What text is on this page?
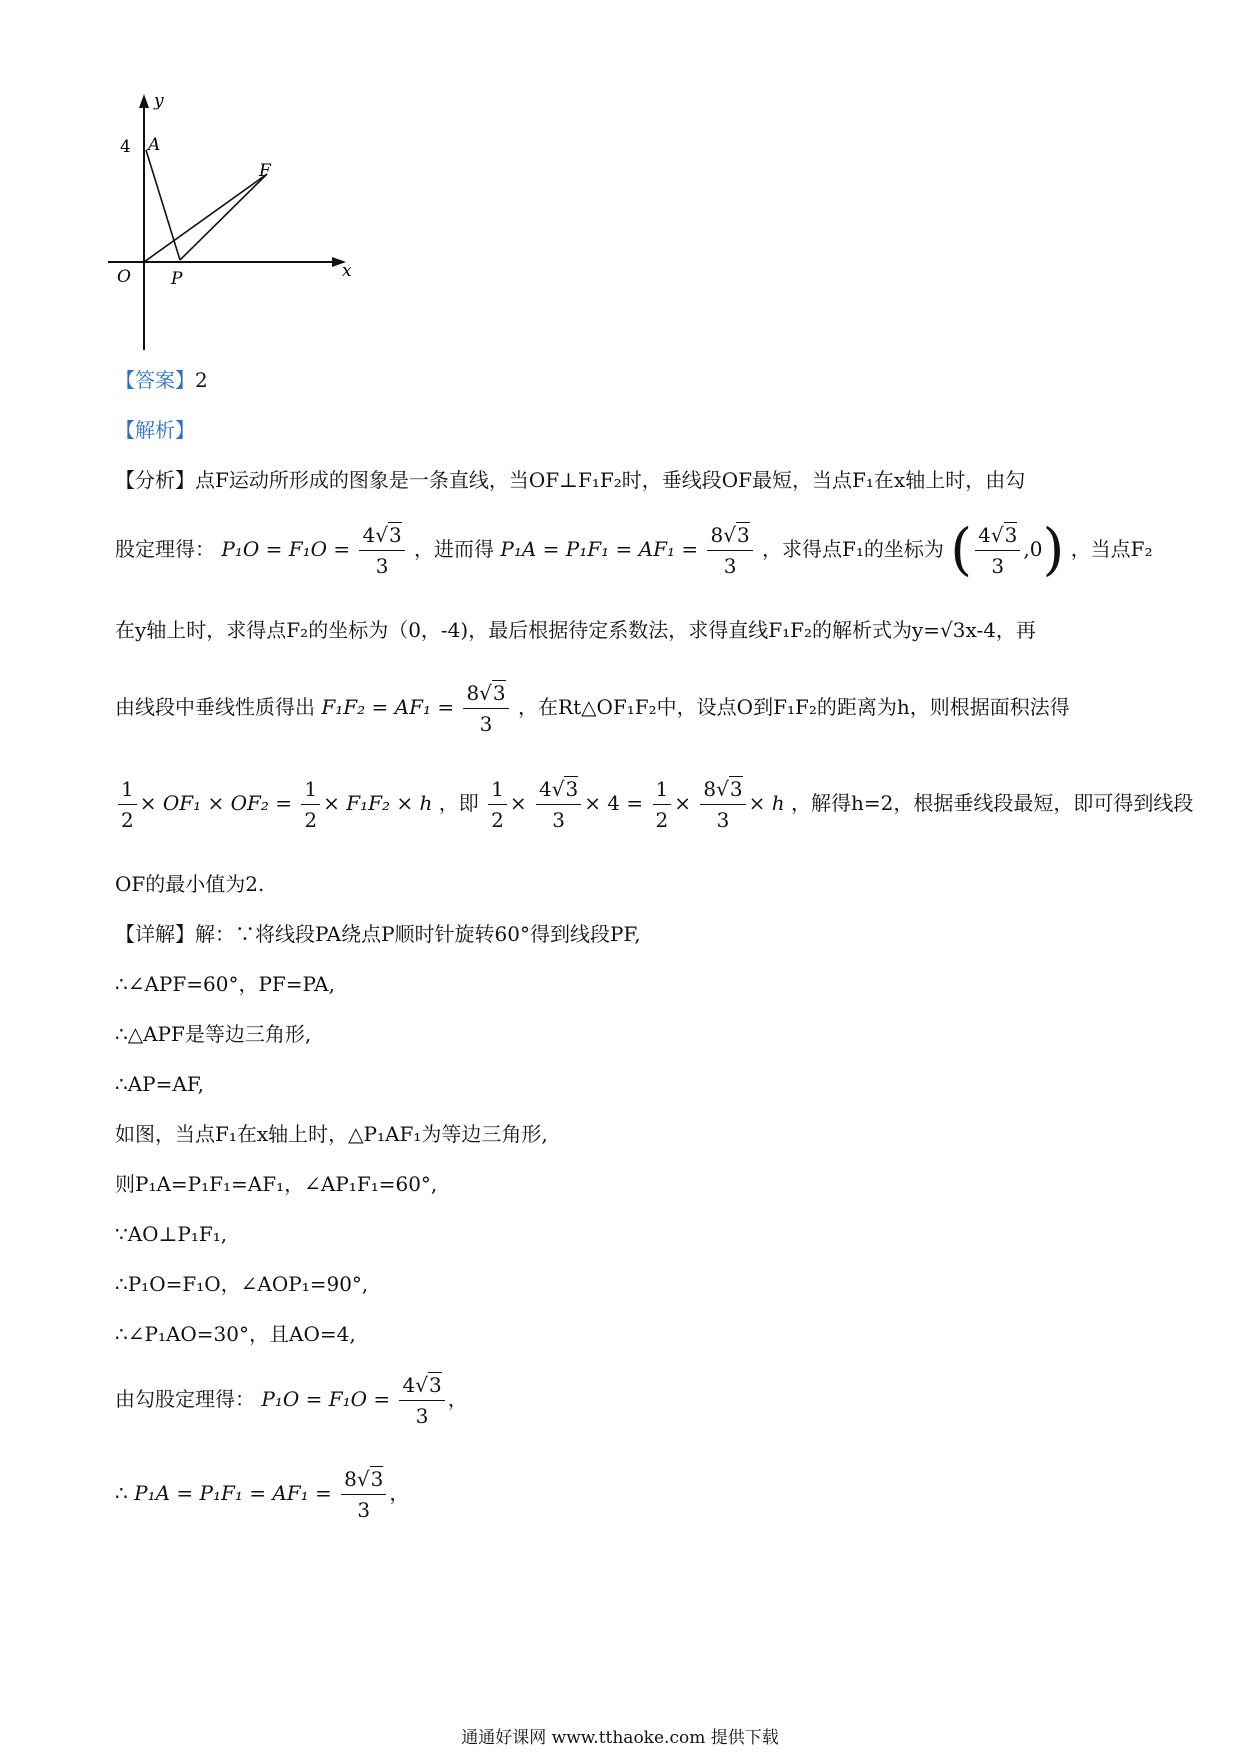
y
x
4 A
F
O P
【答案】2
【解析】
【分析】点F运动所形成的图象是一条直线，当OF⊥F₁F₂时，垂线段OF最短，当点F₁在x轴上时，由勾
股定理得： $P_1O = F_1O = \frac{4√3}{3}$ ，进而得 $P_1A = P_1F_1 = AF_1 = \frac{8√3}{3}$ ，求得点F₁的坐标为 ( $\frac{4√3}{3} ,0$) ，当点F₂
在y轴上时，求得点F₂的坐标为（0，-4)，最后根据待定系数法，求得直线F₁F₂的解析式为y=√3x-4，再
由线段中垂线性质得出 $F_1F_2 = AF_1 = \frac{8√3}{3}$ ，在Rt△OF₁F₂中，设点O到F₁F₂的距离为h，则根据面积法得
$\frac{1}{2} \times OF_1 \times OF_2 = \frac{1}{2} \times F_1F_2 \times h$ ，即 $\frac{1}{2} \times \frac{4√3}{3} \times 4 = \frac{1}{2} \times \frac{8√3}{3} \times h$ ，解得h=2，根据垂线段最短，即可得到线段
OF的最小值为2.
【详解】解：∵将线段PA绕点P顺时针旋转60°得到线段PF,
∴∠APF=60°，PF=PA,
∴△APF是等边三角形,
∴AP=AF,
如图，当点F₁在x轴上时，△P₁AF₁为等边三角形,
则P₁A=P₁F₁=AF₁，∠AP₁F₁=60°,
∵AO⊥P₁F₁,
∴P₁O=F₁O，∠AOP₁=90°,
∴∠P₁AO=30°，且AO=4,
由勾股定理得： $P_1O = F_1O = \frac{4√3}{3}$ ，
∴ $P_1A = P_1F_1 = AF_1 = \frac{8√3}{3}$ ，
通通好课网 www.tthaoke.com 提供下载
